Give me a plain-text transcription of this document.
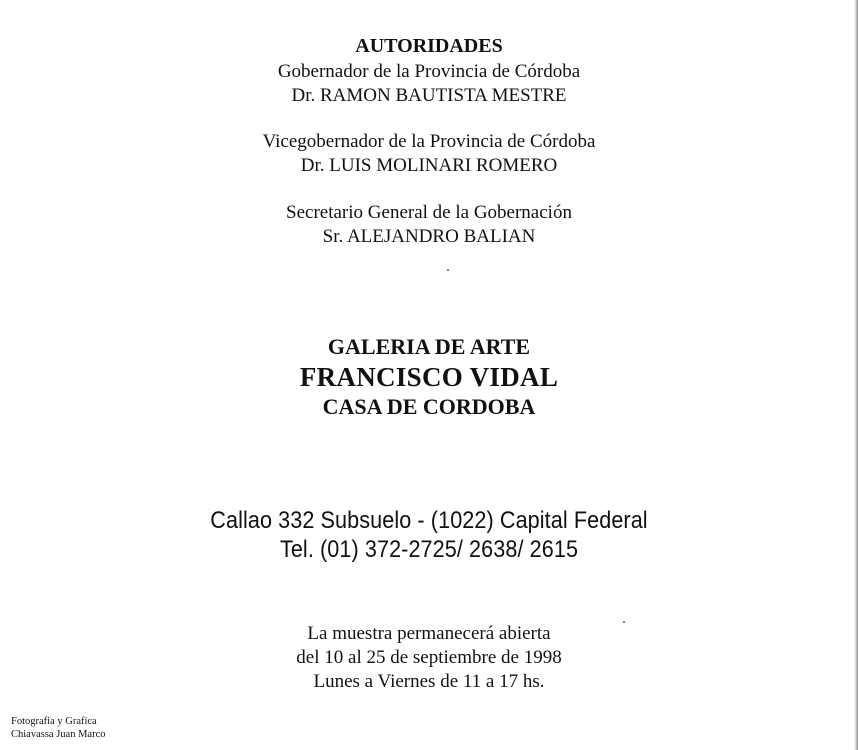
AUTORIDADES
Gobernador de la Provincia de Córdoba
Dr. RAMON BAUTISTA MESTRE
Vicegobernador de la Provincia de Córdoba
Dr. LUIS MOLINARI ROMERO
Secretario General de la Gobernación
Sr. ALEJANDRO BALIAN
GALERIA DE ARTE
FRANCISCO VIDAL
CASA DE CORDOBA
Callao 332 Subsuelo - (1022) Capital Federal
Tel. (01) 372-2725/ 2638/ 2615
La muestra permanecerá abierta
del 10 al 25 de septiembre de 1998
Lunes a Viernes de 11 a 17 hs.
Fotografia y Grafica
Chiavassa Juan Marco
